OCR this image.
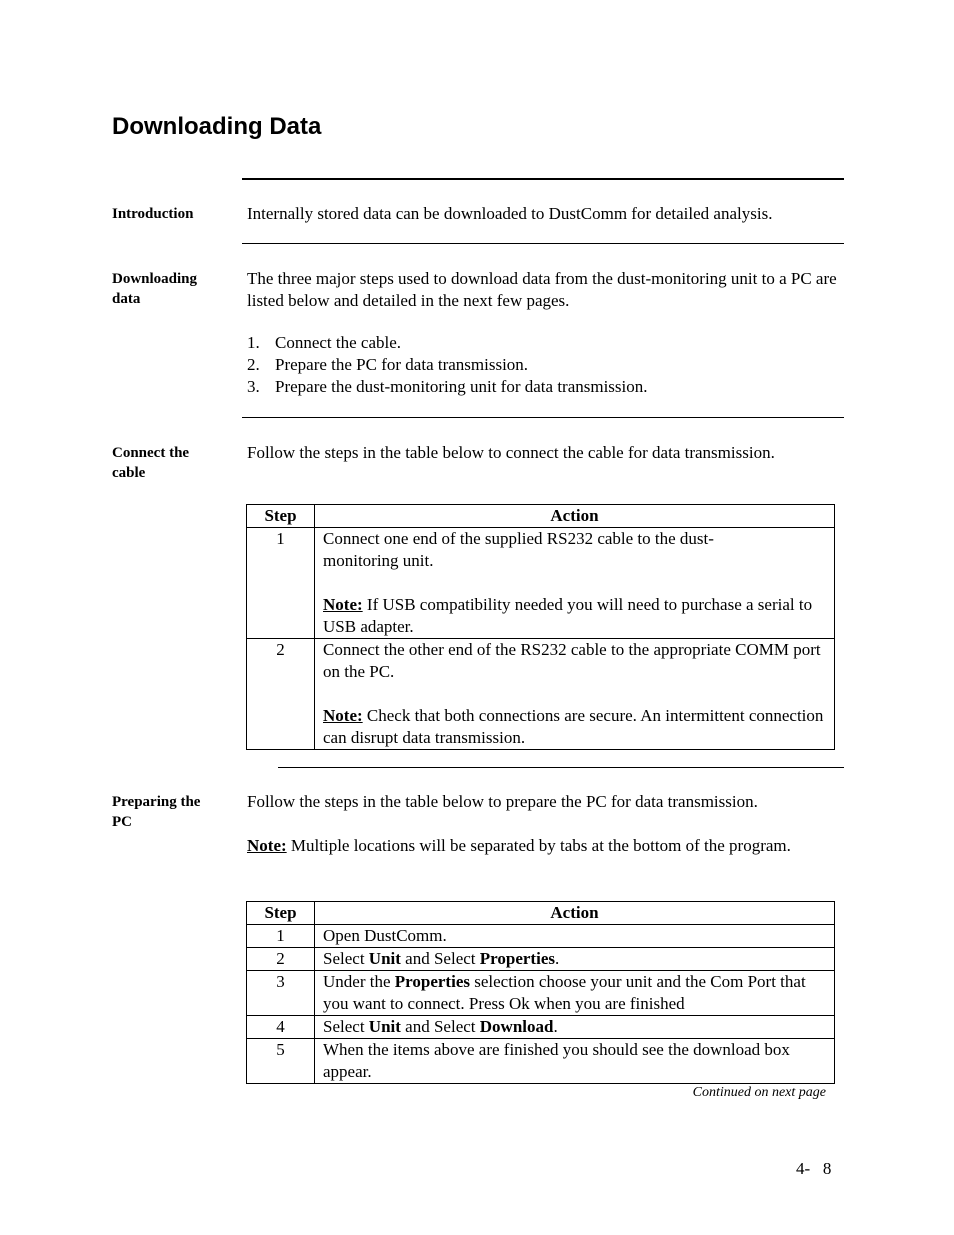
Downloading Data
Introduction	Internally stored data can be downloaded to DustComm for detailed analysis.

Downloading
data

The three major steps used to download data from the dust-monitoring unit to a PC are listed below and detailed in the next few pages.

1. Connect the cable.
2. Prepare the PC for data transmission.
3. Prepare the dust-monitoring unit for data transmission.
Connect the
cable

Follow the steps in the table below to connect the cable for data transmission.

Step	Action
1	Connect one end of the supplied RS232 cable to the dust-monitoring unit.
Note: If USB compatibility needed you will need to purchase a serial to USB adapter.

2	Connect the other end of the RS232 cable to the appropriate COMM port on the PC.
Note: Check that both connections are secure. An intermittent connection can disrupt data transmission.
Preparing the
PC

Follow the steps in the table below to prepare the PC for data transmission.

Note: Multiple locations will be separated by tabs at the bottom of the program.

Step	Action
1	Open DustComm.
2	Select Unit and Select Properties.
3	Under the Properties selection choose your unit and the Com Port that you want to connect. Press Ok when you are finished
4	Select Unit and Select Download.
5	When the items above are finished you should see the download box appear.
Continued on next page
4-   8
